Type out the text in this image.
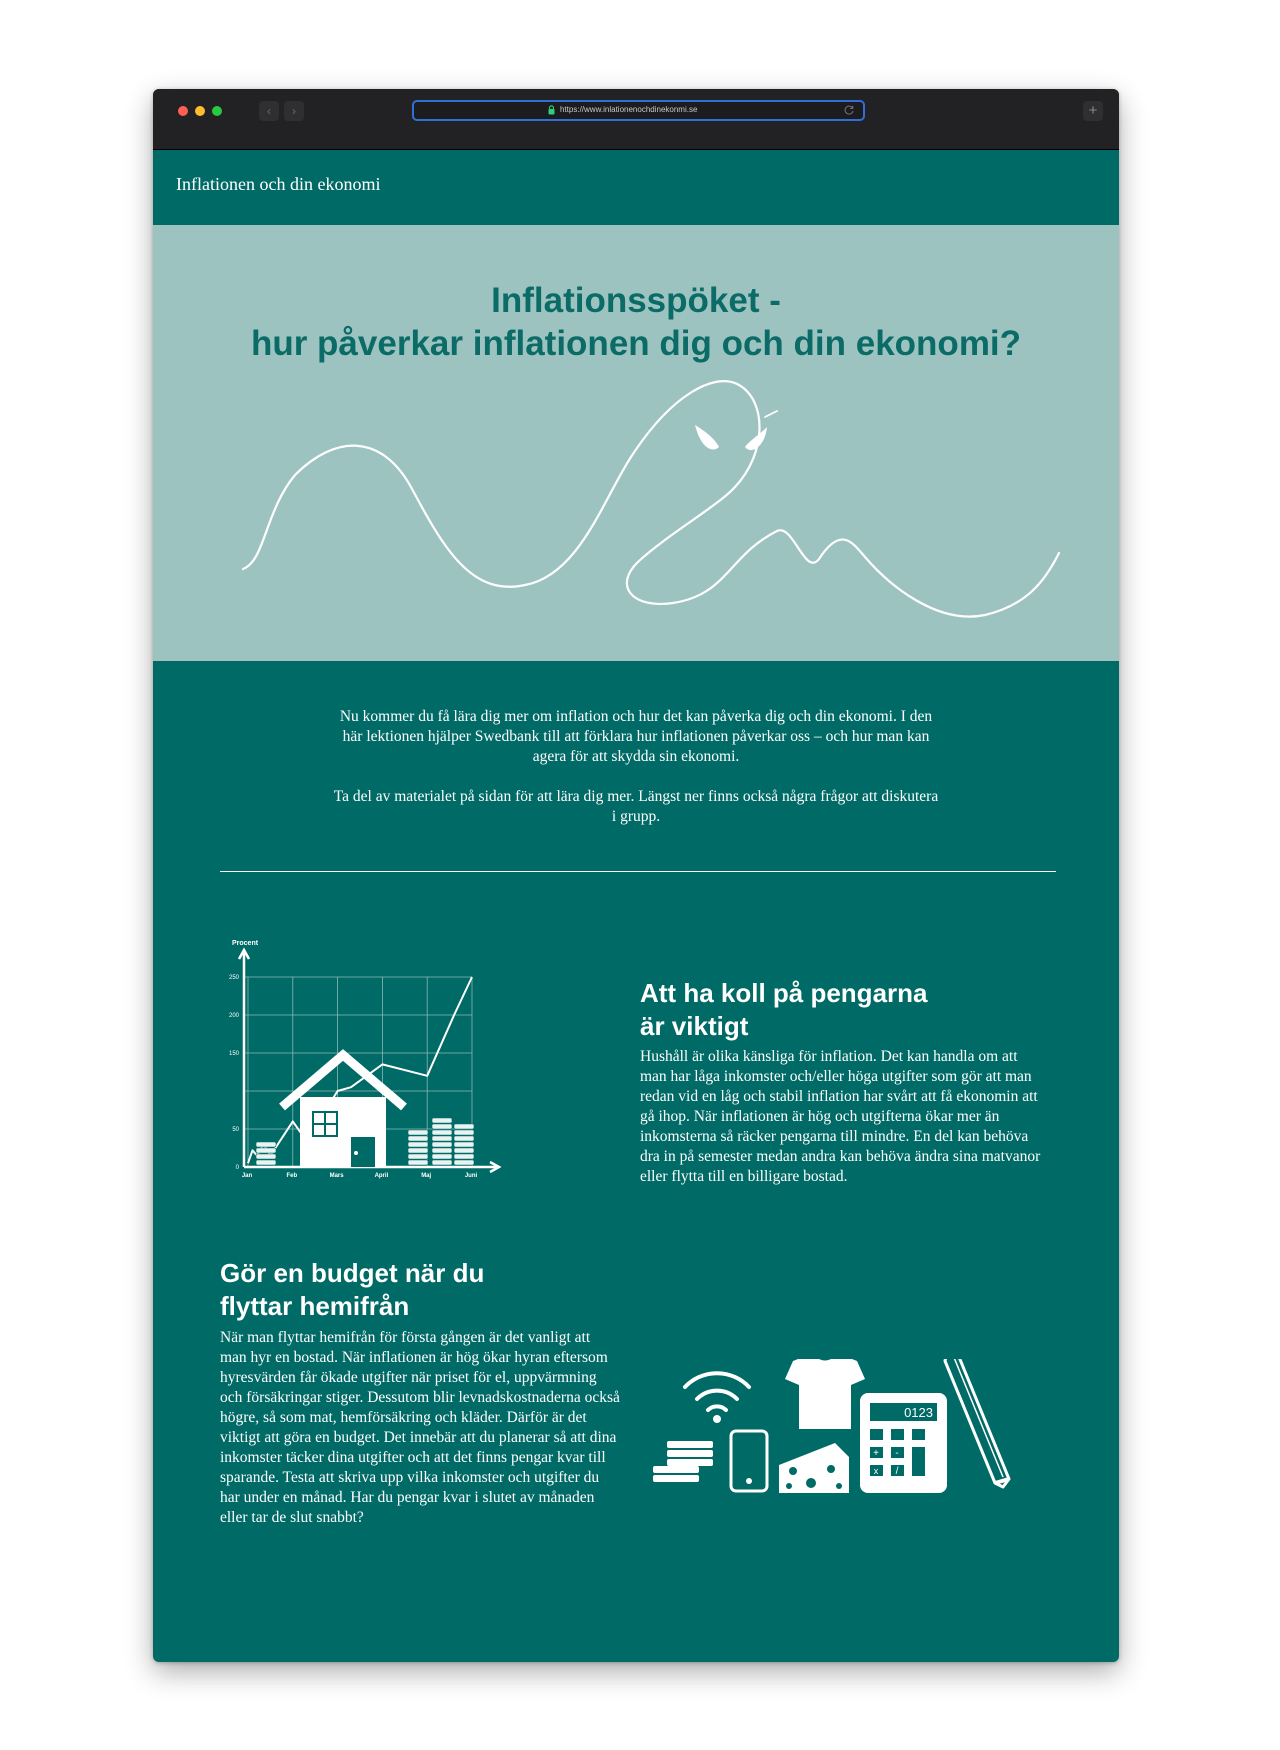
‹	›	https://www.inlationenochdinekonmi.se	+
Inflationen och din ekonomi
Inflationsspöket -
hur påverkar inflationen dig och din ekonomi?

Nu kommer du få lära dig mer om inflation och hur det kan påverka dig och din ekonomi. I den här lektionen hjälper Swedbank till att förklara hur inflationen påverkar oss – och hur man kan agera för att skydda sin ekonomi.

Ta del av materialet på sidan för att lära dig mer. Längst ner finns också några frågor att diskutera i grupp.

Procent
0
50
150
200
250
Jan	Feb	Mars	April	Maj	Juni
Att ha koll på pengarna
är viktigt

Hushåll är olika känsliga för inflation. Det kan handla om att man har låga inkomster och/eller höga utgifter som gör att man redan vid en låg och stabil inflation har svårt att få ekonomin att gå ihop. När inflationen är hög och utgifterna ökar mer än inkomsterna så räcker pengarna till mindre. En del kan behöva dra in på semester medan andra kan behöva ändra sina matvanor eller flytta till en billigare bostad.

Gör en budget när du
flyttar hemifrån

När man flyttar hemifrån för första gången är det vanligt att man hyr en bostad. När inflationen är hög ökar hyran eftersom hyresvärden får ökade utgifter när priset för el, uppvärmning och försäkringar stiger. Dessutom blir levnadskostnaderna också högre, så som mat, hemförsäkring och kläder. Därför är det viktigt att göra en budget. Det innebär att du planerar så att dina inkomster täcker dina utgifter och att det finns pengar kvar till sparande. Testa att skriva upp vilka inkomster och utgifter du har under en månad. Har du pengar kvar i slutet av månaden eller tar de slut snabbt?

0123
+ -
x /
